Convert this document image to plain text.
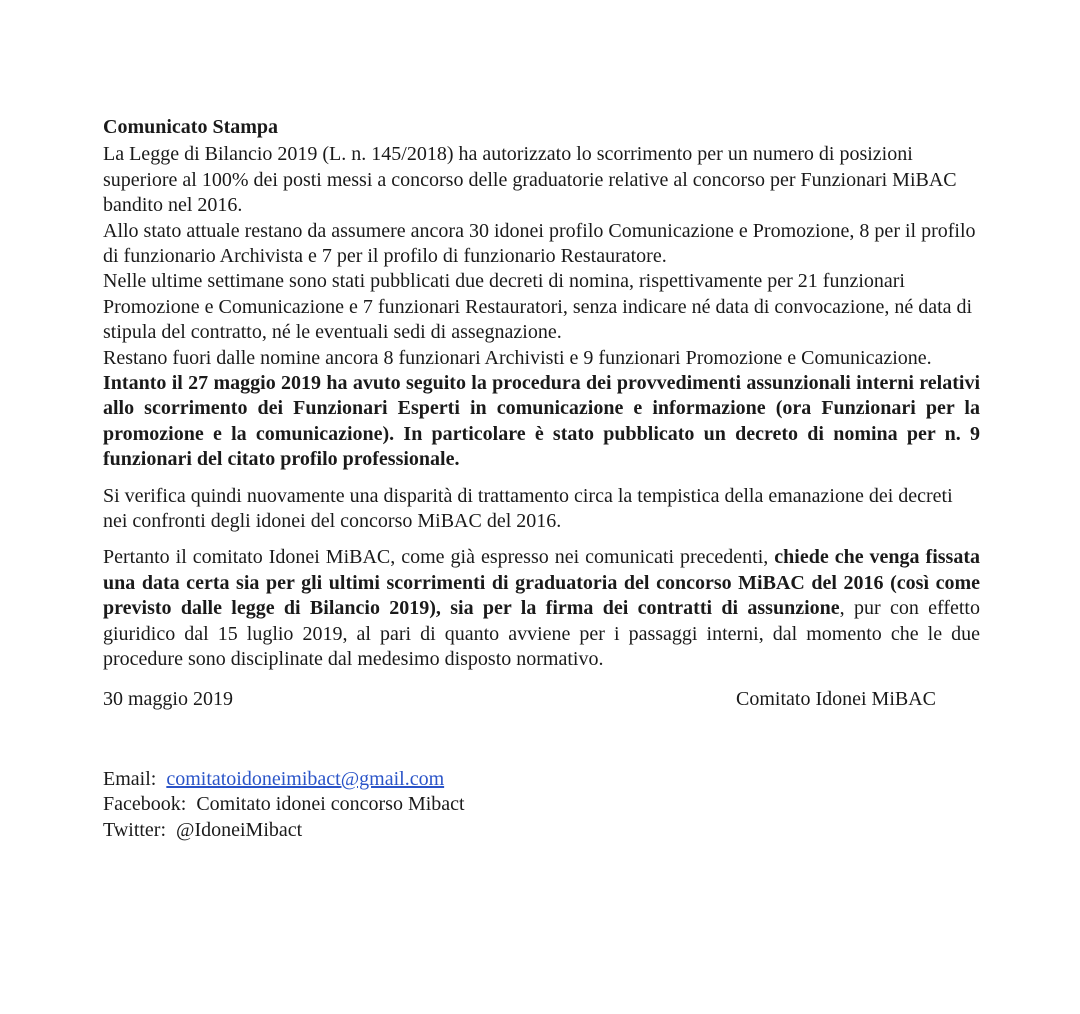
Comunicato Stampa

La Legge di Bilancio 2019 (L. n. 145/2018) ha autorizzato lo scorrimento per un numero di posizioni superiore al 100% dei posti messi a concorso delle graduatorie relative al concorso per Funzionari MiBAC bandito nel 2016.

Allo stato attuale restano da assumere ancora 30 idonei profilo Comunicazione e Promozione, 8 per il profilo di funzionario Archivista e 7 per il profilo di funzionario Restauratore.

Nelle ultime settimane sono stati pubblicati due decreti di nomina, rispettivamente per 21 funzionari Promozione e Comunicazione e 7 funzionari Restauratori, senza indicare né data di convocazione, né data di stipula del contratto, né le eventuali sedi di assegnazione.

Restano fuori dalle nomine ancora 8 funzionari Archivisti e 9 funzionari Promozione e Comunicazione.

Intanto il 27 maggio 2019 ha avuto seguito la procedura dei provvedimenti assunzionali interni relativi allo scorrimento dei Funzionari Esperti in comunicazione e informazione (ora Funzionari per la promozione e la comunicazione). In particolare è stato pubblicato un decreto di nomina per n. 9 funzionari del citato profilo professionale.

Si verifica quindi nuovamente una disparità di trattamento circa la tempistica della emanazione dei decreti nei confronti degli idonei del concorso MiBAC del 2016.

Pertanto il comitato Idonei MiBAC, come già espresso nei comunicati precedenti, chiede che venga fissata una data certa sia per gli ultimi scorrimenti di graduatoria del concorso MiBAC del 2016 (così come previsto dalle legge di Bilancio 2019), sia per la firma dei contratti di assunzione, pur con effetto giuridico dal 15 luglio 2019, al pari di quanto avviene per i passaggi interni, dal momento che le due procedure sono disciplinate dal medesimo disposto normativo.

30 maggio 2019	Comitato Idonei MiBAC
Email:  comitatoidoneimibact@gmail.com
Facebook:  Comitato idonei concorso Mibact
Twitter:  @IdoneiMibact
